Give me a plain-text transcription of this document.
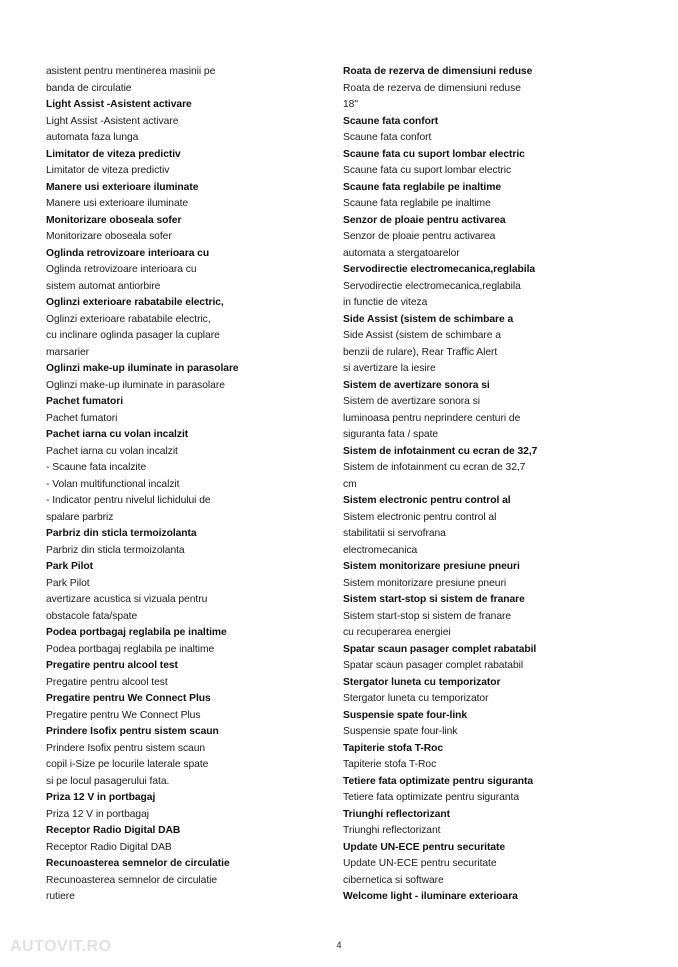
asistent pentru mentinerea masinii pe
banda de circulatie
Light Assist -Asistent activare
Light Assist -Asistent activare
automata faza lunga
Limitator de viteza predictiv
Limitator de viteza predictiv
Manere usi exterioare iluminate
Manere usi exterioare iluminate
Monitorizare oboseala sofer
Monitorizare oboseala sofer
Oglinda retrovizoare interioara cu
Oglinda retrovizoare interioara cu
sistem automat antiorbire
Oglinzi exterioare rabatabile electric,
Oglinzi exterioare rabatabile electric,
cu inclinare oglinda pasager la cuplare
marsarier
Oglinzi make-up iluminate in parasolare
Oglinzi make-up iluminate in parasolare
Pachet fumatori
Pachet fumatori
Pachet iarna cu volan incalzit
Pachet iarna cu volan incalzit
- Scaune fata incalzite
- Volan multifunctional incalzit
- Indicator pentru nivelul lichidului de
spalare parbriz
Parbriz din sticla termoizolanta
Parbriz din sticla termoizolanta
Park Pilot
Park Pilot
avertizare acustica si vizuala pentru
obstacole fata/spate
Podea portbagaj reglabila pe inaltime
Podea portbagaj reglabila pe inaltime
Pregatire pentru alcool test
Pregatire pentru alcool test
Pregatire pentru We Connect Plus
Pregatire pentru We Connect Plus
Prindere Isofix pentru sistem scaun
Prindere Isofix pentru sistem scaun
copil i-Size pe locurile laterale spate
si pe locul pasagerului fata.
Priza 12 V in portbagaj
Priza 12 V in portbagaj
Receptor Radio Digital DAB
Receptor Radio Digital DAB
Recunoasterea semnelor de circulatie
Recunoasterea semnelor de circulatie
rutiere
Roata de rezerva de dimensiuni reduse
Roata de rezerva de dimensiuni reduse
18"
Scaune fata confort
Scaune fata confort
Scaune fata cu suport lombar electric
Scaune fata cu suport lombar electric
Scaune fata reglabile pe inaltime
Scaune fata reglabile pe inaltime
Senzor de ploaie pentru activarea
Senzor de ploaie pentru activarea
automata a stergatoarelor
Servodirectie electromecanica,reglabila
Servodirectie electromecanica,reglabila
in functie de viteza
Side Assist (sistem de schimbare a
Side Assist (sistem de schimbare a
benzii de rulare), Rear Traffic Alert
si avertizare la iesire
Sistem de avertizare sonora si
Sistem de avertizare sonora si
luminoasa pentru neprindere centuri de
siguranta fata / spate
Sistem de infotainment cu ecran de 32,7
Sistem de infotainment cu ecran de 32,7
cm
Sistem electronic pentru control al
Sistem electronic pentru control al
stabilitatii si servofrana
electromecanica
Sistem monitorizare presiune pneuri
Sistem monitorizare presiune pneuri
Sistem start-stop si sistem de franare
Sistem start-stop si sistem de franare
cu recuperarea energiei
Spatar scaun pasager complet rabatabil
Spatar scaun pasager complet rabatabil
Stergator luneta cu temporizator
Stergator luneta cu temporizator
Suspensie spate four-link
Suspensie spate four-link
Tapiterie stofa T-Roc
Tapiterie stofa T-Roc
Tetiere fata optimizate pentru siguranta
Tetiere fata optimizate pentru siguranta
Triunghi reflectorizant
Triunghi reflectorizant
Update UN-ECE pentru securitate
Update UN-ECE pentru securitate
cibernetica si software
Welcome light - iluminare exterioara
4
AUTOVIT.RO
